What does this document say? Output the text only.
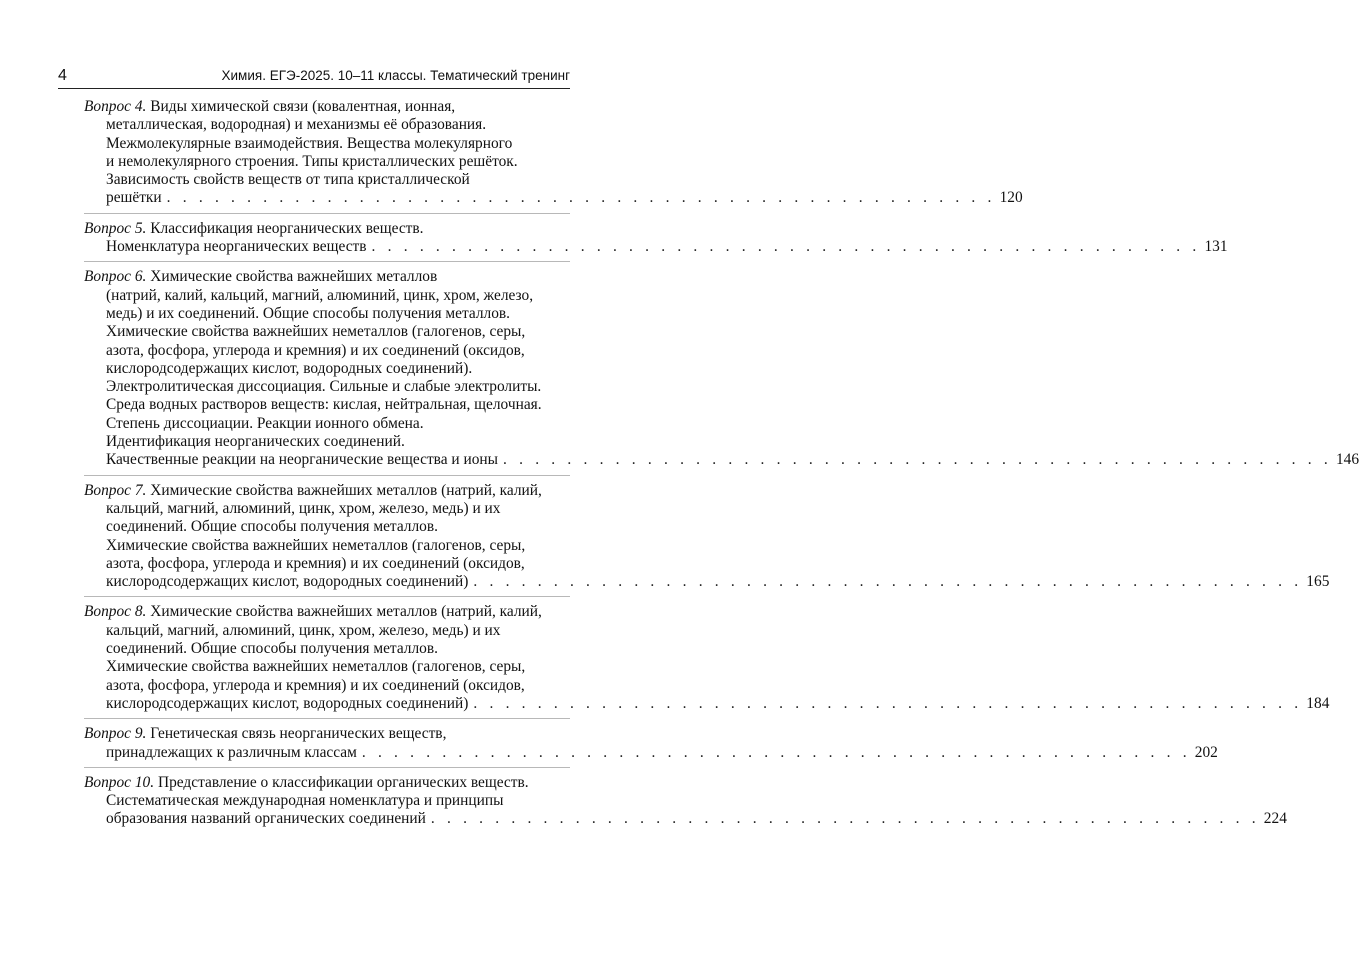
4	Химия. ЕГЭ-2025. 10–11 классы. Тематический тренинг
Вопрос 4. Виды химической связи (ковалентная, ионная,
металлическая, водородная) и механизмы её образования.
Межмолекулярные взаимодействия. Вещества молекулярного
и немолекулярного строения. Типы кристаллических решёток.
Зависимость свойств веществ от типа кристаллической
решётки . . . . . . . . . . . . . . . . . . . . . . . . . . . . . . . . . . . . . . . . . . . . . . . . . . . . 120
Вопрос 5. Классификация неорганических веществ.
Номенклатура неорганических веществ . . . . . . . . . . . . . . . . . . . . . . . . . . . . . . . . . . . . . . . . . . . . . . . . . . . . 131
Вопрос 6. Химические свойства важнейших металлов
(натрий, калий, кальций, магний, алюминий, цинк, хром, железо,
медь) и их соединений. Общие способы получения металлов.
Химические свойства важнейших неметаллов (галогенов, серы,
азота, фосфора, углерода и кремния) и их соединений (оксидов,
кислородсодержащих кислот, водородных соединений).
Электролитическая диссоциация. Сильные и слабые электролиты.
Среда водных растворов веществ: кислая, нейтральная, щелочная.
Степень диссоциации. Реакции ионного обмена.
Идентификация неорганических соединений.
Качественные реакции на неорганические вещества и ионы . . . . . . . . . . . . . . . . . . . . . . . . . . . . . . . . . . . . . . . . . . . . . . . . . . . . 146
Вопрос 7. Химические свойства важнейших металлов (натрий, калий,
кальций, магний, алюминий, цинк, хром, железо, медь) и их
соединений. Общие способы получения металлов.
Химические свойства важнейших неметаллов (галогенов, серы,
азота, фосфора, углерода и кремния) и их соединений (оксидов,
кислородсодержащих кислот, водородных соединений) . . . . . . . . . . . . . . . . . . . . . . . . . . . . . . . . . . . . . . . . . . . . . . . . . . . . 165
Вопрос 8. Химические свойства важнейших металлов (натрий, калий,
кальций, магний, алюминий, цинк, хром, железо, медь) и их
соединений. Общие способы получения металлов.
Химические свойства важнейших неметаллов (галогенов, серы,
азота, фосфора, углерода и кремния) и их соединений (оксидов,
кислородсодержащих кислот, водородных соединений) . . . . . . . . . . . . . . . . . . . . . . . . . . . . . . . . . . . . . . . . . . . . . . . . . . . . 184
Вопрос 9. Генетическая связь неорганических веществ,
принадлежащих к различным классам . . . . . . . . . . . . . . . . . . . . . . . . . . . . . . . . . . . . . . . . . . . . . . . . . . . . 202
Вопрос 10. Представление о классификации органических веществ.
Систематическая международная номенклатура и принципы
образования названий органических соединений . . . . . . . . . . . . . . . . . . . . . . . . . . . . . . . . . . . . . . . . . . . . . . . . . . . . 224
